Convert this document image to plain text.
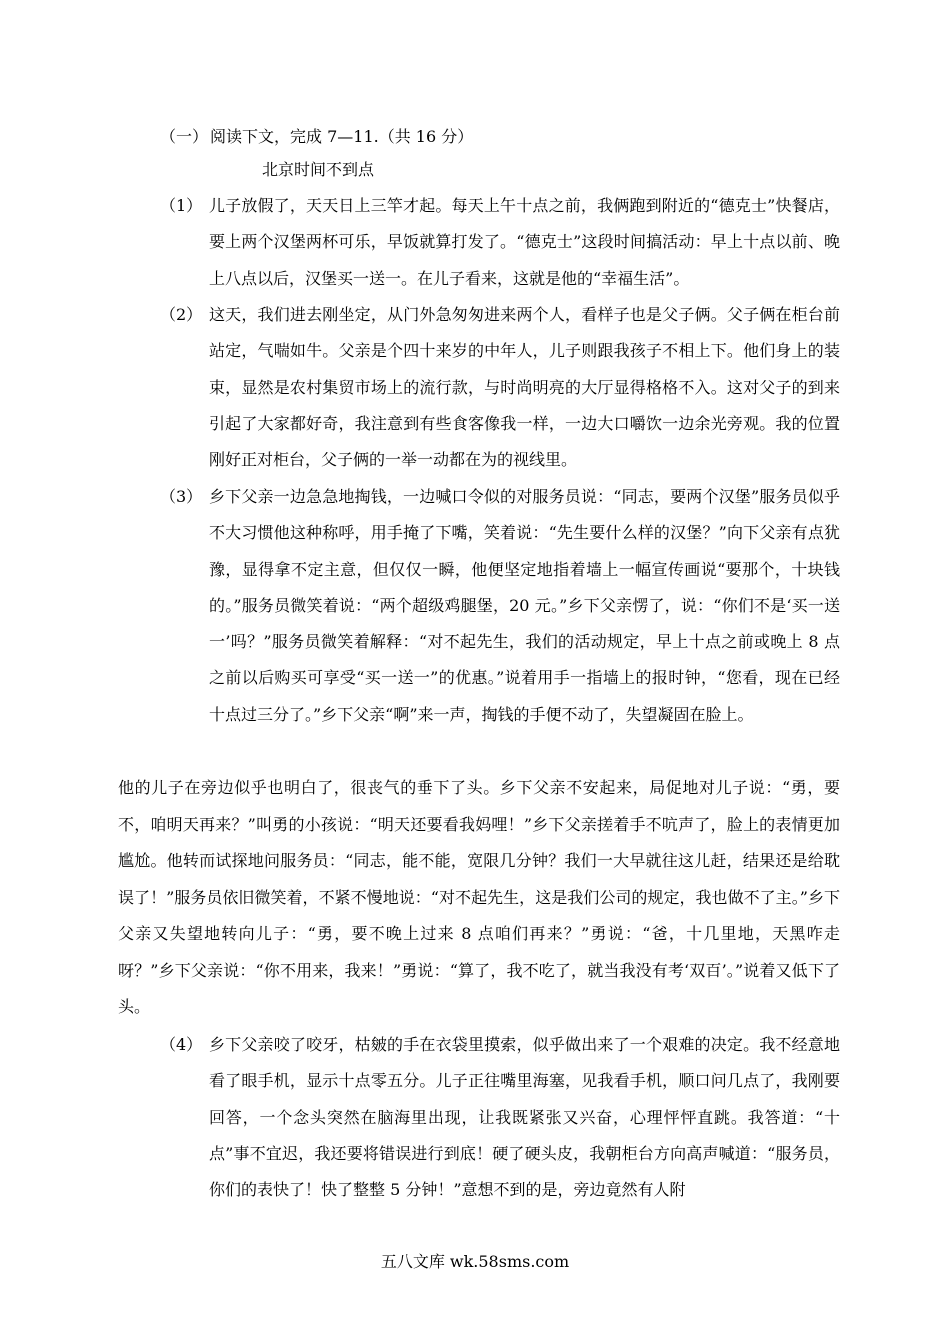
（一） 阅读下文，完成 7—11.（共 16 分）
北京时间不到点
（1） 儿子放假了，天天日上三竿才起。每天上午十点之前，我俩跑到附近的“德克士”快餐店，要上两个汉堡两杯可乐，早饭就算打发了。“德克士”这段时间搞活动：早上十点以前、晚上八点以后，汉堡买一送一。在儿子看来，这就是他的“幸福生活”。
（2） 这天，我们进去刚坐定，从门外急匆匆进来两个人，看样子也是父子俩。父子俩在柜台前站定，气喘如牛。父亲是个四十来岁的中年人，儿子则跟我孩子不相上下。他们身上的装束，显然是农村集贸市场上的流行款，与时尚明亮的大厅显得格格不入。这对父子的到来引起了大家都好奇，我注意到有些食客像我一样，一边大口嚼饮一边余光旁观。我的位置刚好正对柜台，父子俩的一举一动都在为的视线里。
（3） 乡下父亲一边急急地掏钱，一边喊口令似的对服务员说：“同志，要两个汉堡”服务员似乎不大习惯他这种称呼，用手掩了下嘴，笑着说：“先生要什么样的汉堡？”向下父亲有点犹豫，显得拿不定主意，但仅仅一瞬，他便坚定地指着墙上一幅宣传画说“要那个，十块钱的。”服务员微笑着说：“两个超级鸡腿堡，20 元。”乡下父亲愣了，说：“你们不是‘买一送一’吗？”服务员微笑着解释：“对不起先生，我们的活动规定，早上十点之前或晚上 8 点之前以后购买可享受“买一送一”的优惠。”说着用手一指墙上的报时钟，“您看，现在已经十点过三分了。”乡下父亲“啊”来一声，掏钱的手便不动了，失望凝固在脸上。
他的儿子在旁边似乎也明白了，很丧气的垂下了头。乡下父亲不安起来，局促地对儿子说：“勇，要不，咱明天再来？”叫勇的小孩说：“明天还要看我妈哩！”乡下父亲搓着手不吭声了，脸上的表情更加尴尬。他转而试探地问服务员：“同志，能不能，宽限几分钟？我们一大早就往这儿赶，结果还是给耽误了！”服务员依旧微笑着，不紧不慢地说：“对不起先生，这是我们公司的规定，我也做不了主。”乡下父亲又失望地转向儿子：“勇，要不晚上过来 8 点咱们再来？”勇说：“爸，十几里地，天黑咋走呀？”乡下父亲说：“你不用来，我来！”勇说：“算了，我不吃了，就当我没有考‘双百’。”说着又低下了头。
（4） 乡下父亲咬了咬牙，枯皴的手在衣袋里摸索，似乎做出来了一个艰难的决定。我不经意地看了眼手机，显示十点零五分。儿子正往嘴里海塞，见我看手机，顺口问几点了，我刚要回答，一个念头突然在脑海里出现，让我既紧张又兴奋，心理怦怦直跳。我答道：“十点”事不宜迟，我还要将错误进行到底！硬了硬头皮，我朝柜台方向高声喊道：“服务员，你们的表快了！快了整整 5 分钟！”意想不到的是，旁边竟然有人附
五八文库 wk.58sms.com
